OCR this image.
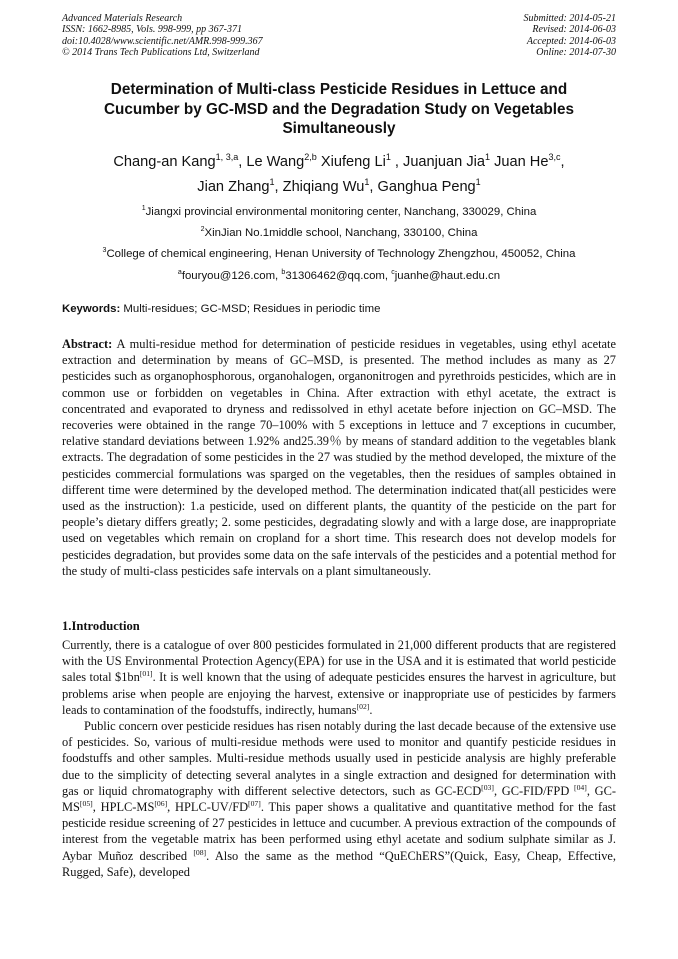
Advanced Materials Research
ISSN: 1662-8985, Vols. 998-999, pp 367-371
doi:10.4028/www.scientific.net/AMR.998-999.367
© 2014 Trans Tech Publications Ltd, Switzerland
Submitted: 2014-05-21
Revised: 2014-06-03
Accepted: 2014-06-03
Online: 2014-07-30
Determination of Multi-class Pesticide Residues in Lettuce and
Cucumber by GC-MSD and the Degradation Study on Vegetables
Simultaneously
Chang-an Kang$^{1, 3,a}$, Le Wang$^{2,b}$ Xiufeng Li$^1$ , Juanjuan Jia$^1$ Juan He$^{3,c}$,
Jian Zhang$^1$, Zhiqiang Wu$^1$, Ganghua Peng$^1$
$^1$Jiangxi provincial environmental monitoring center, Nanchang, 330029, China
$^2$XinJian No.1middle school, Nanchang, 330100, China
$^3$College of chemical engineering, Henan University of Technology Zhengzhou, 450052, China
$^a$fouryou@126.com, $^b$31306462@qq.com, $^c$juanhe@haut.edu.cn
Keywords: Multi-residues; GC-MSD; Residues in periodic time
Abstract: A multi-residue method for determination of pesticide residues in vegetables, using ethyl acetate extraction and determination by means of GC–MSD, is presented. The method includes as many as 27 pesticides such as organophosphorous, organohalogen, organonitrogen and pyrethroids pesticides, which are in common use or forbidden on vegetables in China. After extraction with ethyl acetate, the extract is concentrated and evaporated to dryness and redissolved in ethyl acetate before injection on GC–MSD. The recoveries were obtained in the range 70–100% with 5 exceptions in lettuce and 7 exceptions in cucumber, relative standard deviations between 1.92% and25.39％ by means of standard addition to the vegetables blank extracts. The degradation of some pesticides in the 27 was studied by the method developed, the mixture of the pesticides commercial formulations was sparged on the vegetables, then the residues of samples obtained in different time were determined by the developed method. The determination indicated that(all pesticides were used as the instruction): 1.a pesticide, used on different plants, the quantity of the pesticide on the part for people’s dietary differs greatly; 2. some pesticides, degradating slowly and with a large dose, are inappropriate used on vegetables which remain on cropland for a short time. This research does not develop models for pesticides degradation, but provides some data on the safe intervals of the pesticides and a potential method for the study of multi-class pesticides safe intervals on a plant simultaneously.
1.Introduction

Currently, there is a catalogue of over 800 pesticides formulated in 21,000 different products that are registered with the US Environmental Protection Agency(EPA) for use in the USA and it is estimated that world pesticide sales total $1bn[01]. It is well known that the using of adequate pesticides ensures the harvest in agriculture, but problems arise when people are enjoying the harvest, extensive or inappropriate use of pesticides by farmers leads to contamination of the foodstuffs, indirectly, humans[02].

Public concern over pesticide residues has risen notably during the last decade because of the extensive use of pesticides. So, various of multi-residue methods were used to monitor and quantify pesticide residues in foodstuffs and other samples. Multi-residue methods usually used in pesticide analysis are highly preferable due to the simplicity of detecting several analytes in a single extraction and designed for determination with gas or liquid chromatography with different selective detectors, such as GC-ECD[03], GC-FID/FPD [04], GC-MS[05], HPLC-MS[06], HPLC-UV/FD[07]. This paper shows a qualitative and quantitative method for the fast pesticide residue screening of 27 pesticides in lettuce and cucumber. A previous extraction of the compounds of interest from the vegetable matrix has been performed using ethyl acetate and sodium sulphate similar as J. Aybar Muñoz described [08]. Also the same as the method “QuEChERS”(Quick, Easy, Cheap, Effective, Rugged, Safe), developed
